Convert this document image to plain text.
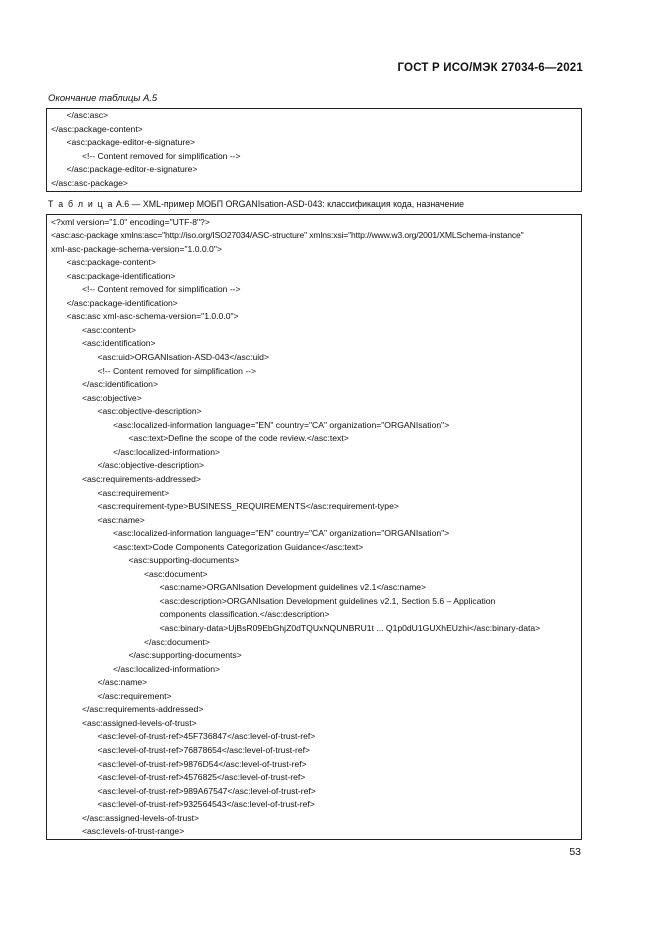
ГОСТ Р ИСО/МЭК 27034-6—2021
Окончание таблицы А.5
</asc:asc>
</asc:package-content>
<asc:package-editor-e-signature>
<!-- Content removed for simplification -->
</asc:package-editor-e-signature>
</asc:asc-package>
Т а б л и ц а А.6 — XML-пример МОБП ORGANIsation-ASD-043: классификация кода, назначение
<?xml version="1.0" encoding="UTF-8"?>
<asc:asc-package xmlns:asc="http://iso.org/ISO27034/ASC-structure" xmlns:xsi="http://www.w3.org/2001/XMLSchema-instance"
xml-asc-package-schema-version="1.0.0.0">
<asc:package-content>
<asc:package-identification>
<!-- Content removed for simplification -->
</asc:package-identification>
<asc:asc xml-asc-schema-version="1.0.0.0">
<asc:content>
<asc:identification>
<asc:uid>ORGANIsation-ASD-043</asc:uid>
<!-- Content removed for simplification -->
</asc:identification>
<asc:objective>
<asc:objective-description>
<asc:localized-information language="EN" country="CA" organization="ORGANIsation">
<asc:text>Define the scope of the code review.</asc:text>
</asc:localized-information>
</asc:objective-description>
<asc:requirements-addressed>
<asc:requirement>
<asc:requirement-type>BUSINESS_REQUIREMENTS</asc:requirement-type>
<asc:name>
<asc:localized-information language="EN" country="CA" organization="ORGANIsation">
<asc:text>Code Components Categorization Guidance</asc:text>
<asc:supporting-documents>
<asc:document>
<asc:name>ORGANIsation Development guidelines v2.1</asc:name>
<asc:description>ORGANIsation Development guidelines v2.1, Section 5.6 – Application
components classification.</asc:description>
<asc:binary-data>UjBsR09EbGhjZ0dTQUxNQUNBRU1t ... Q1p0dU1GUXhEUzhi</asc:binary-data>
</asc:document>
</asc:supporting-documents>
</asc:localized-information>
</asc:name>
</asc:requirement>
</asc:requirements-addressed>
<asc:assigned-levels-of-trust>
<asc:level-of-trust-ref>45F736847</asc:level-of-trust-ref>
<asc:level-of-trust-ref>76878654</asc:level-of-trust-ref>
<asc:level-of-trust-ref>9876D54</asc:level-of-trust-ref>
<asc:level-of-trust-ref>4576825</asc:level-of-trust-ref>
<asc:level-of-trust-ref>989A67547</asc:level-of-trust-ref>
<asc:level-of-trust-ref>932564543</asc:level-of-trust-ref>
</asc:assigned-levels-of-trust>
<asc:levels-of-trust-range>
53
